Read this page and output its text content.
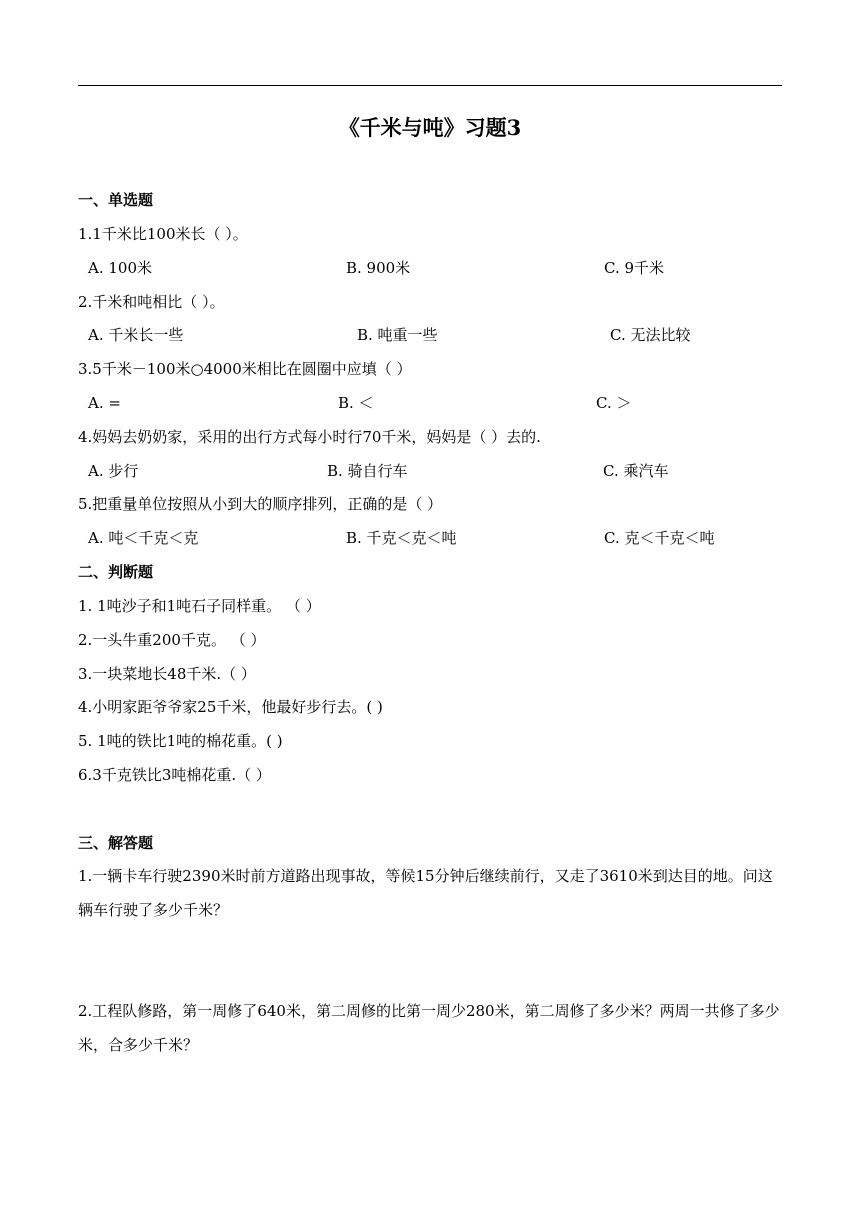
《千米与吨》习题3
一、单选题
1.1千米比100米长（ ）。
A. 100米	B. 900米	C. 9千米
2.千米和吨相比（ ）。
A. 千米长一些	B. 吨重一些	C. 无法比较
3.5千米－100米○4000米相比在圆圈中应填（ ）
A. =	B. ＜	C. ＞
4.妈妈去奶奶家，采用的出行方式每小时行70千米，妈妈是（ ）去的.
A. 步行	B. 骑自行车	C. 乘汽车
5.把重量单位按照从小到大的顺序排列，正确的是（ ）
A. 吨＜千克＜克	B. 千克＜克＜吨	C. 克＜千克＜吨
二、判断题
1. 1吨沙子和1吨石子同样重。 （ ）
2.一头牛重200千克。 （ ）
3.一块菜地长48千米.（ ）
4.小明家距爷爷家25千米，他最好步行去。( )
5. 1吨的铁比1吨的棉花重。( )
6.3千克铁比3吨棉花重.（ ）
三、解答题
1.一辆卡车行驶2390米时前方道路出现事故，等候15分钟后继续前行，又走了3610米到达目的地。问这辆车行驶了多少千米？
2.工程队修路，第一周修了640米，第二周修的比第一周少280米，第二周修了多少米？两周一共修了多少米，合多少千米？
